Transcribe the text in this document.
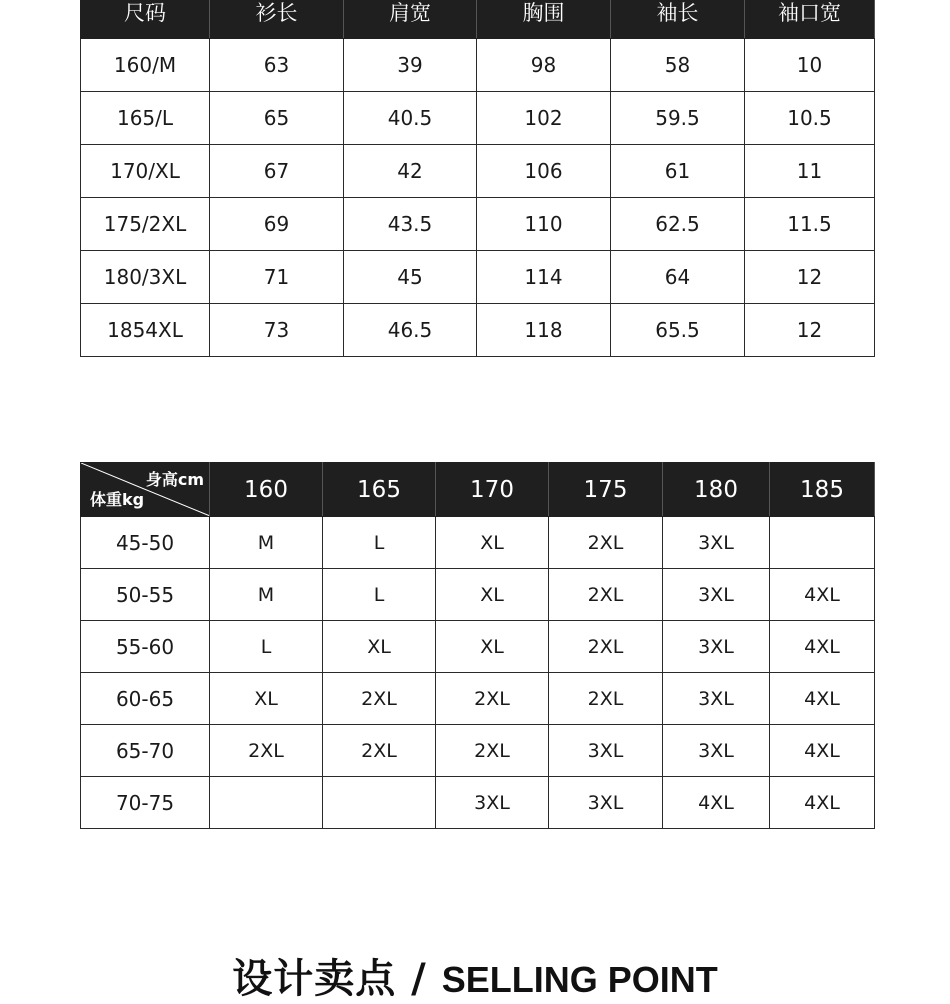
尺码	衫长	肩宽	胸围	袖长	袖口宽
160/M	63	39	98	58	10
165/L	65	40.5	102	59.5	10.5
170/XL	67	42	106	61	11
175/2XL	69	43.5	110	62.5	11.5
180/3XL	71	45	114	64	12
1854XL	73	46.5	118	65.5	12
身高cm
体重kg	160	165	170	175	180	185
45-50	M	L	XL	2XL	3XL	
50-55	M	L	XL	2XL	3XL	4XL
55-60	L	XL	XL	2XL	3XL	4XL
60-65	XL	2XL	2XL	2XL	3XL	4XL
65-70	2XL	2XL	2XL	3XL	3XL	4XL
70-75			3XL	3XL	4XL	4XL
设计卖点 / SELLING POINT
